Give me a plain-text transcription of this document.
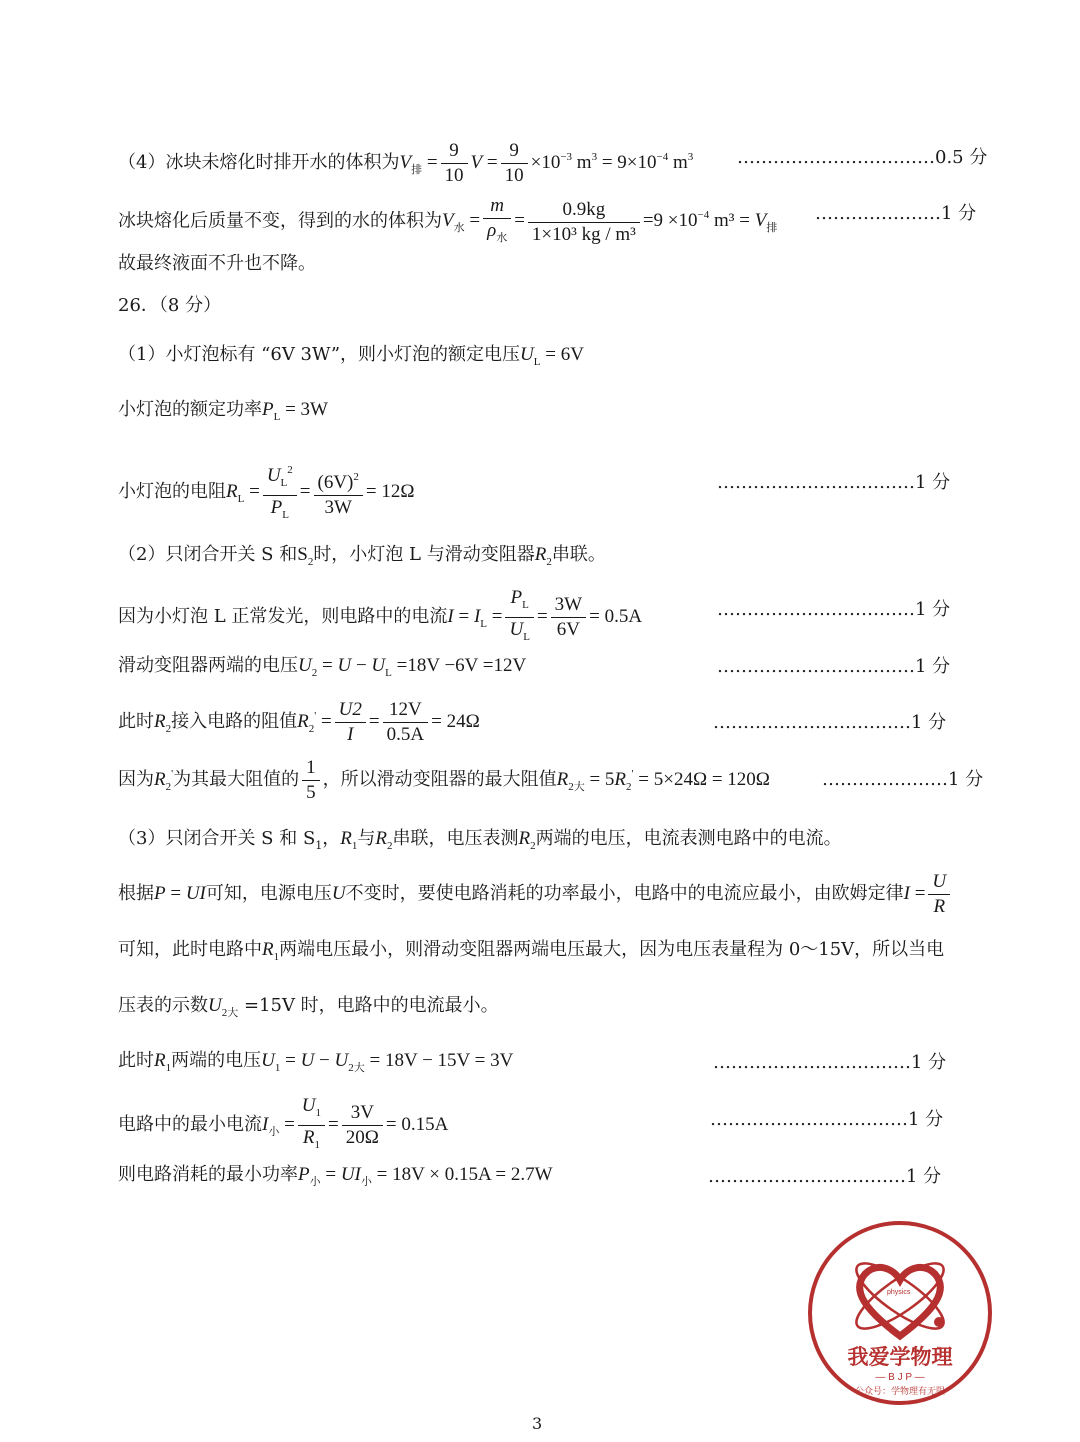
（4）冰块未熔化时排开水的体积为$V_排 = \frac{9}{10}$ $V = \frac{9}{10} \times 10^{-3}$ $m^3 = 9\times 10^{-4}$ $m^3$ ……………………………0.5 分
冰块熔化后质量不变，得到的水的体积为$V_水$ =
m
$\rho_水$
= $\frac{0.9kg}{\text{1×10³ kg / m³}} =9 \times 10^{-4}$ $m^3 = V_排$
…………………1 分
故最终液面不升也不降。
26．（8 分）
（1）小灯泡标有 “6V 3W”，则小灯泡的额定电压$U_L = 6V$
小灯泡的额定功率$P_L = 3W$
小灯泡的电阻$R_L = \frac{U_L^2}{P_L} = \frac{(6V)^2}{3W} = 12\Omega$	……………………………1 分
（2）只闭合开关 S 和$S_2$时，小灯泡 L 与滑动变阻器$R_2$串联。
因为小灯泡 L 正常发光，则电路中的电流$I = I_L = \frac{P_L}{U_L} = \frac{3W}{6V} = 0.5A$	……………………………1 分
滑动变阻器两端的电压$U_2 = U - U_L =18V -6V =12V$	……………………………1 分
此时$R_2$接入电路的阻值$R_2' = \frac{U2}{I} = \frac{12V}{0.5A} = 24\Omega$	……………………………1 分
因为$R_2'$为其最大阻值的 $\frac{1}{5}$ ，所以滑动变阻器的最大阻值$R_{2大} = 5R_2' = 5\times 24\Omega = 120\Omega$	…………………1 分
（3）只闭合开关 S 和 $S_1$，$R_1$与$R_2$串联，电压表测$R_2$两端的电压，电流表测电路中的电流。
根据P = UI可知，电源电压U不变时，要使电路消耗的功率最小，电路中的电流应最小，由欧姆定律$I = \frac{U}{R}$
可知，此时电路中$R_1$两端电压最小，则滑动变阻器两端电压最大，因为电压表量程为 0～15V，所以当电
压表的示数$U_{2大} =15V$ 时，电路中的电流最小。
此时$R_1$两端的电压$U_1 = U - U_{2大} = 18V - 15V = 3V$	……………………………1 分
电路中的最小电流$I_小 = \frac{U_1}{R_1} = \frac{3V}{20\Omega} = 0.15A$	……………………………1 分
则电路消耗的最小功率$P_小 = UI_小 = 18V \times 0.15A = 2.7W$	……………………………1 分
physics
我爱学物理
— B J P —
公众号：学物理有无限
3
